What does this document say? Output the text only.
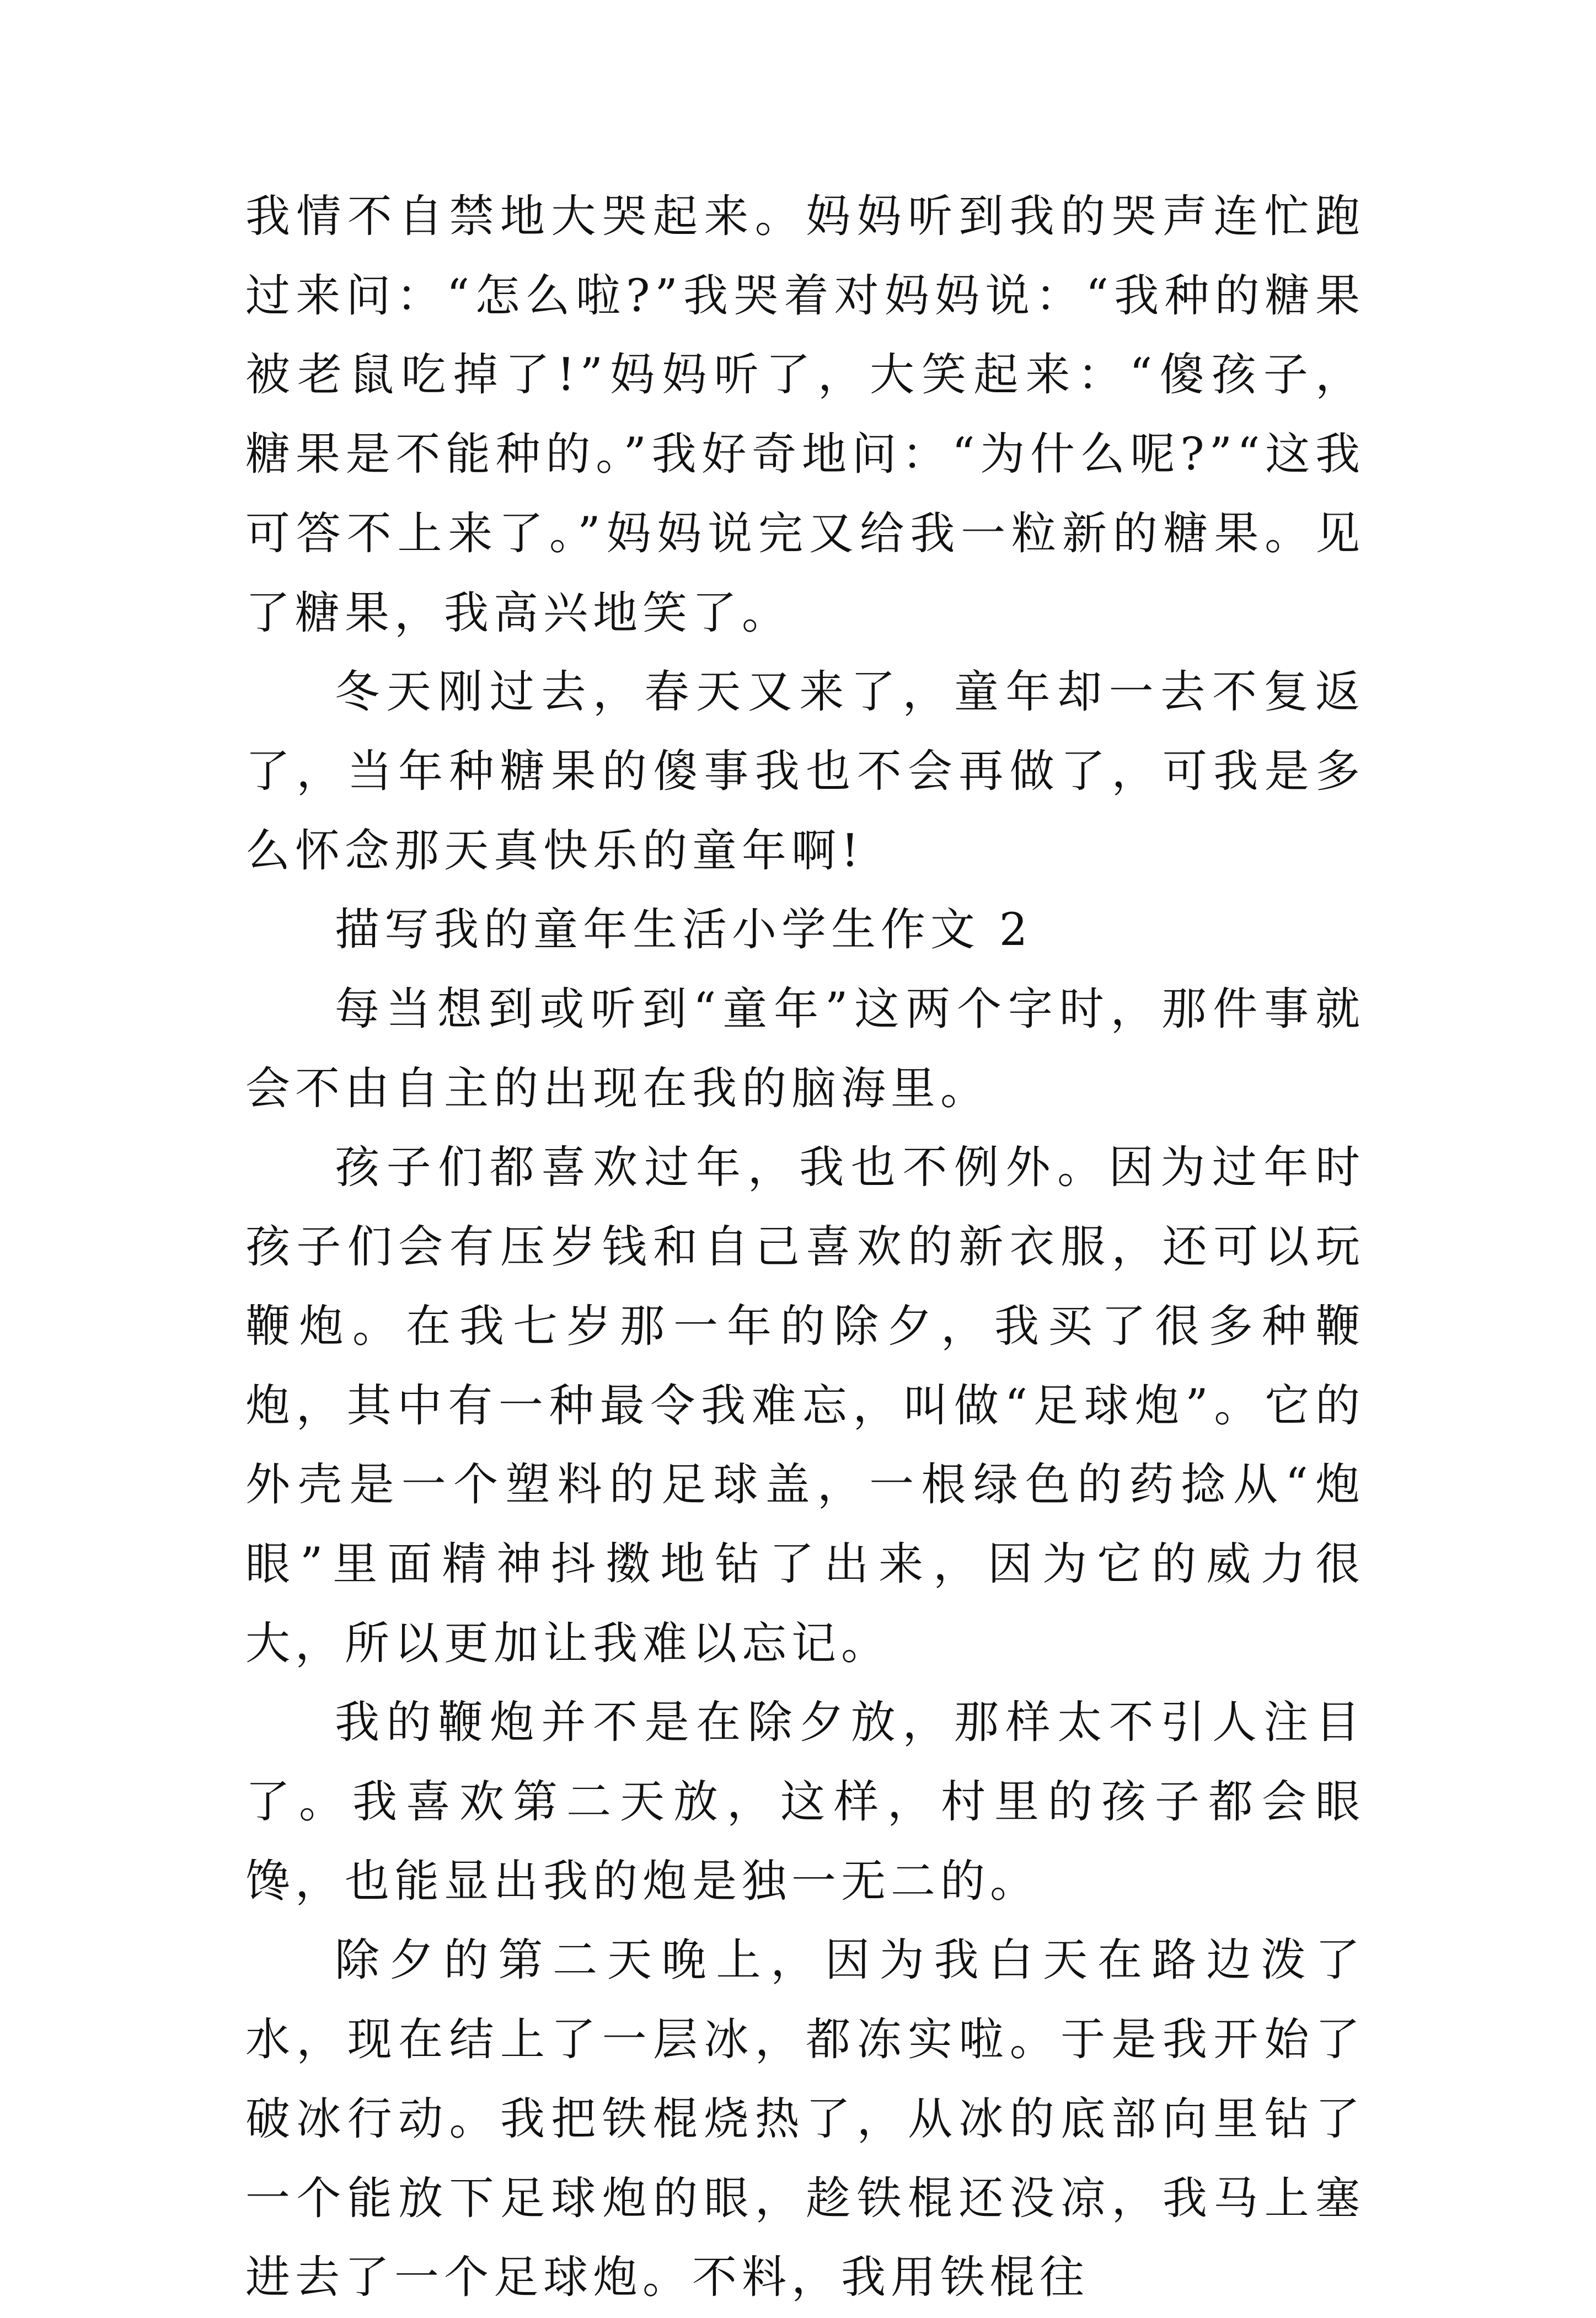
我情不自禁地大哭起来。妈妈听到我的哭声连忙跑过来问：“怎么啦?”我哭着对妈妈说：“我种的糖果被老鼠吃掉了!”妈妈听了，大笑起来：“傻孩子，糖果是不能种的。”我好奇地问：“为什么呢?”“这我可答不上来了。”妈妈说完又给我一粒新的糖果。见了糖果，我高兴地笑了。

冬天刚过去，春天又来了，童年却一去不复返了，当年种糖果的傻事我也不会再做了，可我是多么怀念那天真快乐的童年啊!

描写我的童年生活小学生作文 2

每当想到或听到“童年”这两个字时，那件事就会不由自主的出现在我的脑海里。

孩子们都喜欢过年，我也不例外。因为过年时孩子们会有压岁钱和自己喜欢的新衣服，还可以玩鞭炮。在我七岁那一年的除夕，我买了很多种鞭炮，其中有一种最令我难忘，叫做“足球炮”。它的外壳是一个塑料的足球盖，一根绿色的药捻从“炮眼”里面精神抖擞地钻了出来，因为它的威力很大，所以更加让我难以忘记。

我的鞭炮并不是在除夕放，那样太不引人注目了。我喜欢第二天放，这样，村里的孩子都会眼馋，也能显出我的炮是独一无二的。

除夕的第二天晚上，因为我白天在路边泼了水，现在结上了一层冰，都冻实啦。于是我开始了破冰行动。我把铁棍烧热了，从冰的底部向里钻了一个能放下足球炮的眼，趁铁棍还没凉，我马上塞进去了一个足球炮。不料，我用铁棍往
